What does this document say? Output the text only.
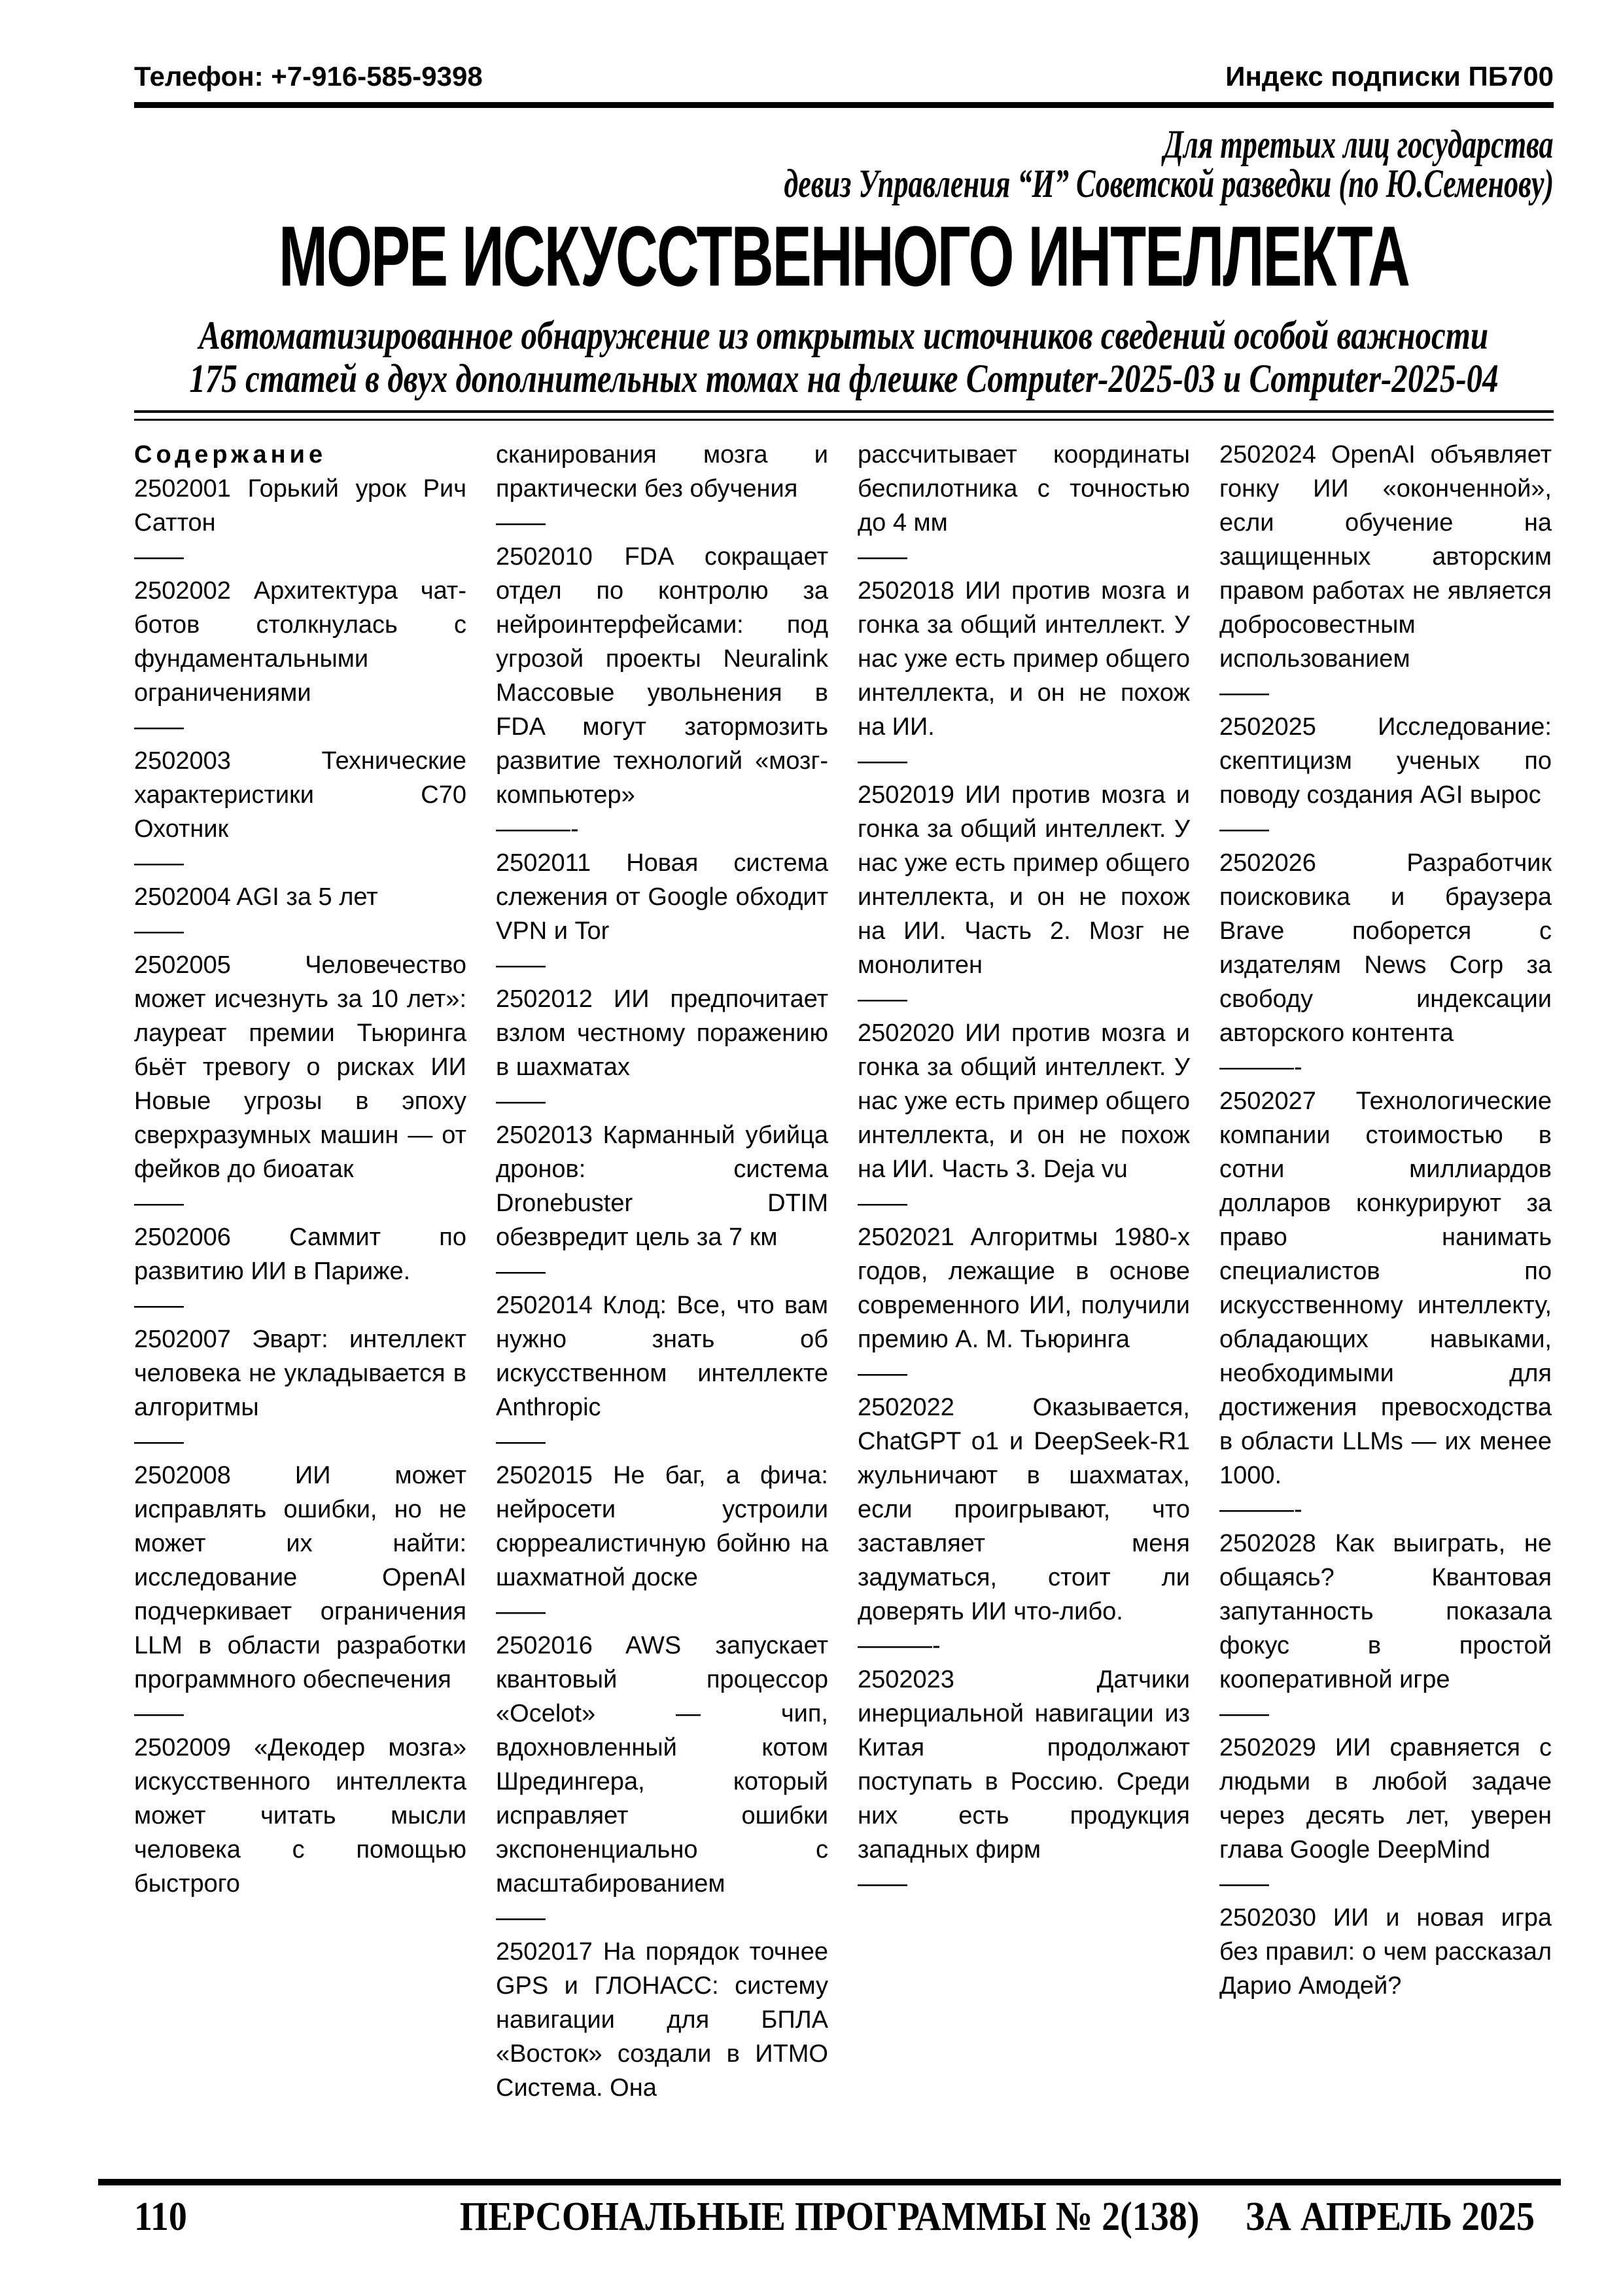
Телефон: +7-916-585-9398	Индекс подписки ПБ700
Для третьих лиц государства
девиз Управления “И” Советской разведки (по Ю.Семенову)
МОРЕ ИСКУССТВЕННОГО ИНТЕЛЛЕКТА
Автоматизированное обнаружение из открытых источников сведений особой важности
175 статей в двух дополнительных томах на флешке Computer-2025-03 и Computer-2025-04

Содержание

2502001 Горький урок Рич Саттон

——

2502002 Архитектура чат-ботов столкнулась с фундаментальными ограничениями

——

2502003 Технические характеристики С70 Охотник

——

2502004 AGI за 5 лет

——

2502005 Человечество может исчезнуть за 10 лет»: лауреат премии Тьюринга бьёт тревогу о рисках ИИ Новые угрозы в эпоху сверхразумных машин — от фейков до биоатак

——

2502006 Саммит по развитию ИИ в Париже.

——

2502007 Эварт: интеллект человека не укладывается в алгоритмы

——

2502008 ИИ может исправлять ошибки, но не может их найти: исследование OpenAI подчеркивает ограничения LLM в области разработки программного обеспечения

——

2502009 «Декодер мозга» искусственного интеллекта может читать мысли человека с помощью быстрого

сканирования мозга и практически без обучения

——

2502010 FDA сокращает отдел по контролю за нейроинтерфейсами: под угрозой проекты Neuralink Массовые увольнения в FDA могут затормозить развитие технологий «мозг-компьютер»

———-

2502011 Новая система слежения от Google обходит VPN и Tor

——

2502012 ИИ предпочитает взлом честному поражению в шахматах

——

2502013 Карманный убийца дронов: система Dronebuster DTIM обезвредит цель за 7 км

——

2502014 Клод: Все, что вам нужно знать об искусственном интеллекте Anthropic

——

2502015 Не баг, а фича: нейросети устроили сюрреалистичную бойню на шахматной доске

——

2502016 AWS запускает квантовый процессор «Ocelot» — чип, вдохновленный котом Шредингера, который исправляет ошибки экспоненциально с масштабированием

——

2502017 На порядок точнее GPS и ГЛОНАСС: систему навигации для БПЛА «Восток» создали в ИТМО Система. Она

рассчитывает координаты беспилотника с точностью до 4 мм

——

2502018 ИИ против мозга и гонка за общий интеллект. У нас уже есть пример общего интеллекта, и он не похож на ИИ.

——

2502019 ИИ против мозга и гонка за общий интеллект. У нас уже есть пример общего интеллекта, и он не похож на ИИ. Часть 2. Мозг не монолитен

——

2502020 ИИ против мозга и гонка за общий интеллект. У нас уже есть пример общего интеллекта, и он не похож на ИИ. Часть 3. Deja vu

——

2502021 Алгоритмы 1980-х годов, лежащие в основе современного ИИ, получили премию А. М. Тьюринга

——

2502022 Оказывается, ChatGPT o1 и DeepSeek-R1 жульничают в шахматах, если проигрывают, что заставляет меня задуматься, стоит ли доверять ИИ что-либо.

———-

2502023 Датчики инерциальной навигации из Китая продолжают поступать в Россию. Среди них есть продукция западных фирм

——

2502024 OpenAI объявляет гонку ИИ «оконченной», если обучение на защищенных авторским правом работах не является добросовестным использованием

——

2502025 Исследование: скептицизм ученых по поводу создания AGI вырос

——

2502026 Разработчик поисковика и браузера Brave поборется с издателям News Corp за свободу индексации авторского контента

———-

2502027 Технологические компании стоимостью в сотни миллиардов долларов конкурируют за право нанимать специалистов по искусственному интеллекту, обладающих навыками, необходимыми для достижения превосходства в области LLMs — их менее 1000.

———-

2502028 Как выиграть, не общаясь? Квантовая запутанность показала фокус в простой кооперативной игре

——

2502029 ИИ сравняется с людьми в любой задаче через десять лет, уверен глава Google DeepMind

——

2502030 ИИ и новая игра без правил: о чем рассказал Дарио Амодей?

110	ПЕРСОНАЛЬНЫЕ ПРОГРАММЫ № 2(138) ЗА АПРЕЛЬ 2025
